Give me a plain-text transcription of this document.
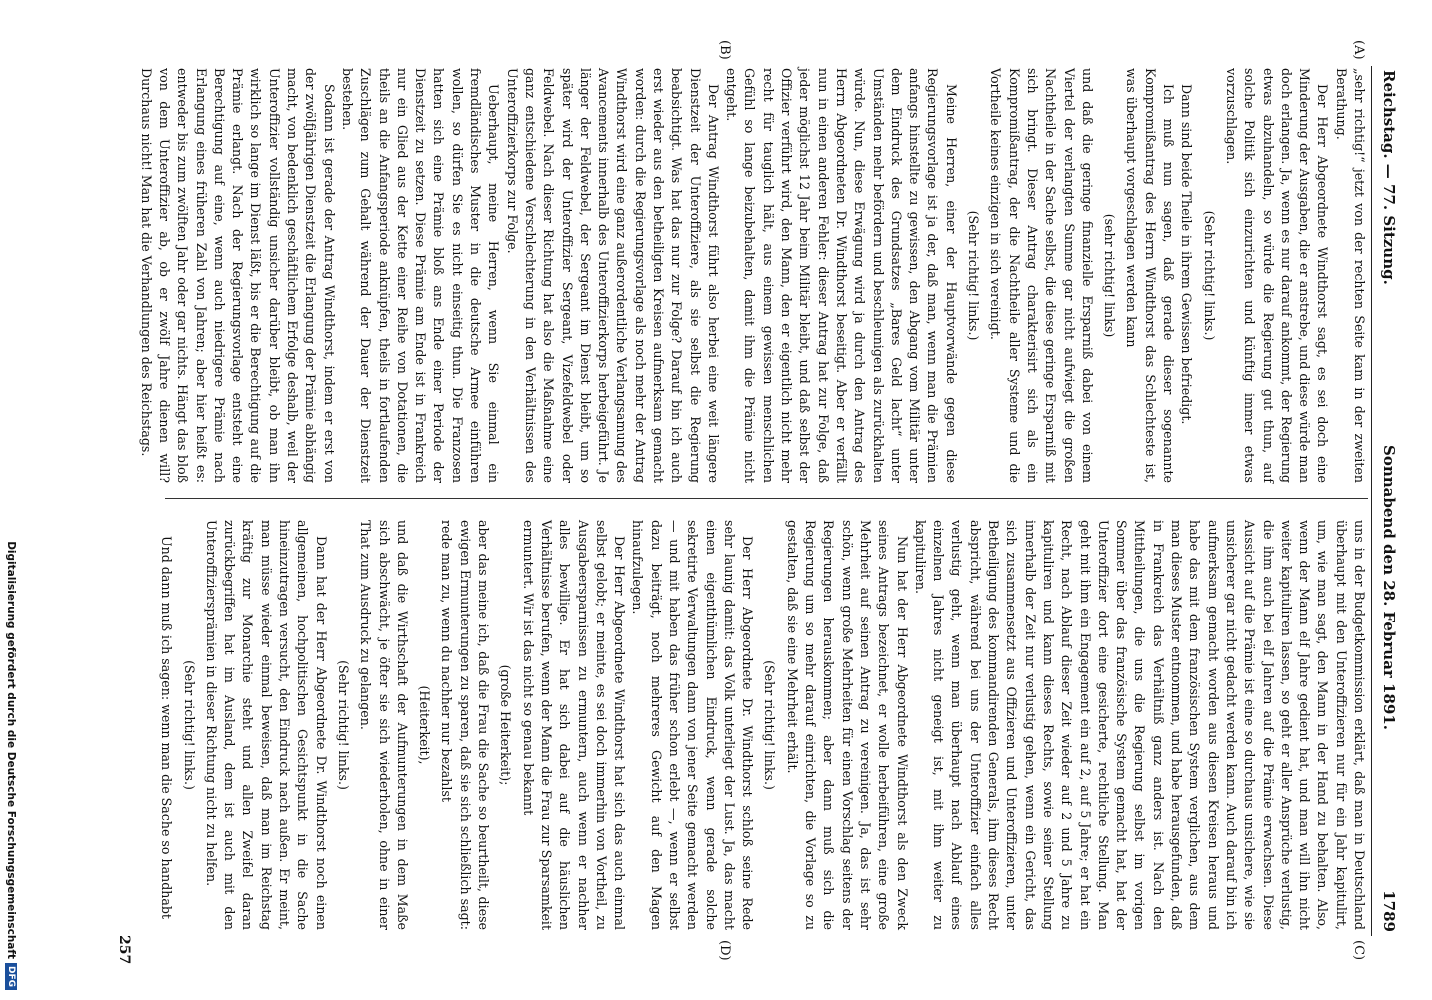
Reichstag. — 77. Sitzung.
Sonnabend den 28. Februar 1891.
1789
(A)
(B)
(C)
(D)

„sehr richtig!“ jetzt von der rechten Seite kam in der zweiten Berathung.

Der Herr Abgeordnete Windthorst sagt, es sei doch eine Minderung der Ausgaben, die er anstrebe, und diese würde man doch erlangen. Ja, wenn es nur darauf ankommt, der Regierung etwas abzuhandeln, so würde die Regierung gut thun, auf solche Politik sich einzurichten und künftig immer etwas vorzuschlagen.

(Sehr richtig! links.)

Dann sind beide Theile in ihrem Gewissen befriedigt.

Ich muß nun sagen, daß gerade dieser sogenannte Kompromißantrag des Herrn Windthorst das Schlechteste ist, was überhaupt vorgeschlagen werden kann

(sehr richtig! links)

und daß die geringe finanzielle Ersparniß dabei von einem Viertel der verlangten Summe gar nicht aufwiegt die großen Nachtheile in der Sache selbst, die diese geringe Ersparniß mit sich bringt. Dieser Antrag charakterisirt sich als ein Kompromißantrag, der die Nachtheile aller Systeme und die Vortheile keines einzigen in sich vereinigt.

(Sehr richtig! links.)

Meine Herren, einer der Hauptvorwände gegen diese Regierungsvorlage ist ja der, daß man, wenn man die Prämien anfangs hinstellte zu gewissen, den Abgang vom Militär unter dem Eindruck des Grundsatzes „Bares Geld lacht“ unter Umständen mehr befördern und beschleunigen als zurückhalten würde. Nun, diese Erwägung wird ja durch den Antrag des Herrn Abgeordneten Dr. Windthorst beseitigt. Aber er verfällt nun in einen anderen Fehler: dieser Antrag hat zur Folge, daß jeder möglichst 12 Jahr beim Militär bleibt, und daß selbst der Offizier verführt wird, den Mann, den er eigentlich nicht mehr recht für tauglich hält, aus einem gewissen menschlichen Gefühl so lange beizubehalten, damit ihm die Prämie nicht entgeht.

Der Antrag Windthorst führt also herbei eine weit längere Dienstzeit der Unteroffiziere, als sie selbst die Regierung beabsichtigt. Was hat das nur zur Folge? Darauf bin ich auch erst wieder aus den betheiligten Kreisen aufmerksam gemacht worden: durch die Regierungsvorlage als noch mehr der Antrag Windthorst wird eine ganz außerordentliche Verlangsamung des Avancements innerhalb des Unteroffizierkorps herbeigeführt. Je länger der Feldwebel, der Sergeant im Dienst bleibt, um so später wird der Unteroffizier Sergeant, Vizefeldwebel oder Feldwebel. Nach dieser Richtung hat also die Maßnahme eine ganz entschiedene Verschlechterung in den Verhältnissen des Unteroffizierkorps zur Folge.

Ueberhaupt, meine Herren, wenn Sie einmal ein fremdländisches Muster in die deutsche Armee einführen wollen, so dürfen Sie es nicht einseitig thun. Die Franzosen hatten sich eine Prämie bloß ans Ende einer Periode der Dienstzeit zu setzen. Diese Prämie am Ende ist in Frankreich nur ein Glied aus der Kette einer Reihe von Dotationen, die theils an die Anfangsperiode anknüpfen, theils in fortlaufenden Zuschlägen zum Gehalt während der Dauer der Dienstzeit bestehen.

Sodann ist gerade der Antrag Windthorst, indem er erst von der zwölfjährigen Dienstzeit die Erlangung der Prämie abhängig macht, von bedenklich geschäftlichem Erfolge deshalb, weil der Unteroffizier vollständig unsicher darüber bleibt, ob man ihn wirklich so lange im Dienst läßt, bis er die Berechtigung auf die Prämie erlangt. Nach der Regierungsvorlage entsteht eine Berechtigung auf eine, wenn auch niedrigere Prämie nach Erlangung eines früheren Zahl von Jahren; aber hier heißt es: entweder bis zum zwölften Jahr oder gar nichts. Hängt das bloß von dem Unteroffizier ab, ob er zwölf Jahre dienen will? Durchaus nicht! Man hat die Verhandlungen des Reichstags.

uns in der Budgetkommission erklärt, daß man in Deutschland überhaupt mit den Unteroffizieren nur für ein Jahr kapitulirt, um, wie man sagt, den Mann in der Hand zu behalten. Also, wenn der Mann elf Jahre gedient hat, und man will ihn nicht weiter kapituliren lassen, so geht er aller Ansprüche verlustig, die ihm auch bei elf Jahren auf die Prämie erwachsen. Diese Aussicht auf die Prämie ist eine so durchaus unsichere, wie sie unsicherer gar nicht gedacht werden kann. Auch darauf bin ich aufmerksam gemacht worden aus diesen Kreisen heraus und habe das mit dem französischen System verglichen, aus dem man dieses Muster entnommen, und habe herausgefunden, daß in Frankreich das Verhältniß ganz anders ist. Nach den Mittheilungen, die uns die Regierung selbst im vorigen Sommer über das französische System gemacht hat, hat der Unteroffizier dort eine gesicherte, rechtliche Stellung. Man geht mit ihm ein Engagement ein auf 2, auf 5 Jahre; er hat ein Recht, nach Ablauf dieser Zeit wieder auf 2 und 5 Jahre zu kapituliren und kann dieses Rechts, sowie seiner Stellung innerhalb der Zeit nur verlustig gehen, wenn ein Gericht, das sich zusammensetzt aus Offizieren und Unteroffizieren, unter Betheiligung des kommandirenden Generals, ihm dieses Recht abspricht, während bei uns der Unteroffizier einfach alles verlustig geht, wenn man überhaupt nach Ablauf eines einzelnen Jahres nicht geneigt ist, mit ihm weiter zu kapituliren.

Nun hat der Herr Abgeordnete Windthorst als den Zweck seines Antrags bezeichnet, er wolle herbeiführen, eine große Mehrheit auf seinen Antrag zu vereinigen. Ja, das ist sehr schön, wenn große Mehrheiten für einen Vorschlag seitens der Regierungen herauskommen; aber dann muß sich die Regierung um so mehr darauf einrichten, die Vorlage so zu gestalten, daß sie eine Mehrheit erhält.

(Sehr richtig! links.)

Der Herr Abgeordnete Dr. Windthorst schloß seine Rede sehr launig damit: das Volk unterliegt der Lust. Ja, das macht einen eigenthümlichen Eindruck, wenn gerade solche sekretirte Verwaltungen dann von jener Seite gemacht werden — und mit haben das früher schon erlebt —, wenn er selbst dazu beiträgt, noch mehreres Gewicht auf den Magen hinaufzulegen.

Der Herr Abgeordnete Windthorst hat sich das auch einmal selbst gelobt; er meinte, es sei doch immerhin von Vortheil, zu Ausgabeersparnissen zu ermuntern, auch wenn er nachher alles bewillige. Er hat sich dabei auf die häuslichen Verhältnisse berufen, wenn der Mann die Frau zur Sparsamkeit ermuntert. Wir ist das nicht so genau bekannt

(große Heiterkeit);

aber das meine ich, daß die Frau die Sache so beurtheilt, diese ewigen Ermunterungen zu sparen, daß sie sich schließlich sagt: rede man zu, wenn du nachher nur bezahlst

(Heiterkeit),

und daß die Wirthschaft der Aufmunterungen in dem Maße sich abschwächt, je öfter sie sich wiederholen, ohne in einer That zum Ausdruck zu gelangen.

(Sehr richtig! links.)

Dann hat der Herr Abgeordnete Dr. Windthorst noch einen allgemeinen, hochpolitischen Gesichtspunkt in die Sache hineinzutragen versucht, den Eindruck nach außen. Er meint, man müsse wieder einmal beweisen, daß man im Reichstag kräftig zur Monarchie steht und allen Zweifel daran zurückbegriffen hat im Ausland, dem ist auch mit den Unteroffiziersprämien in dieser Richtung nicht zu helfen.

(Sehr richtig! links.)

Und dann muß ich sagen: wenn man die Sache so handhabt

257
Digitalisierung gefördert durch die Deutsche Forschungsgemeinschaft
DFG
